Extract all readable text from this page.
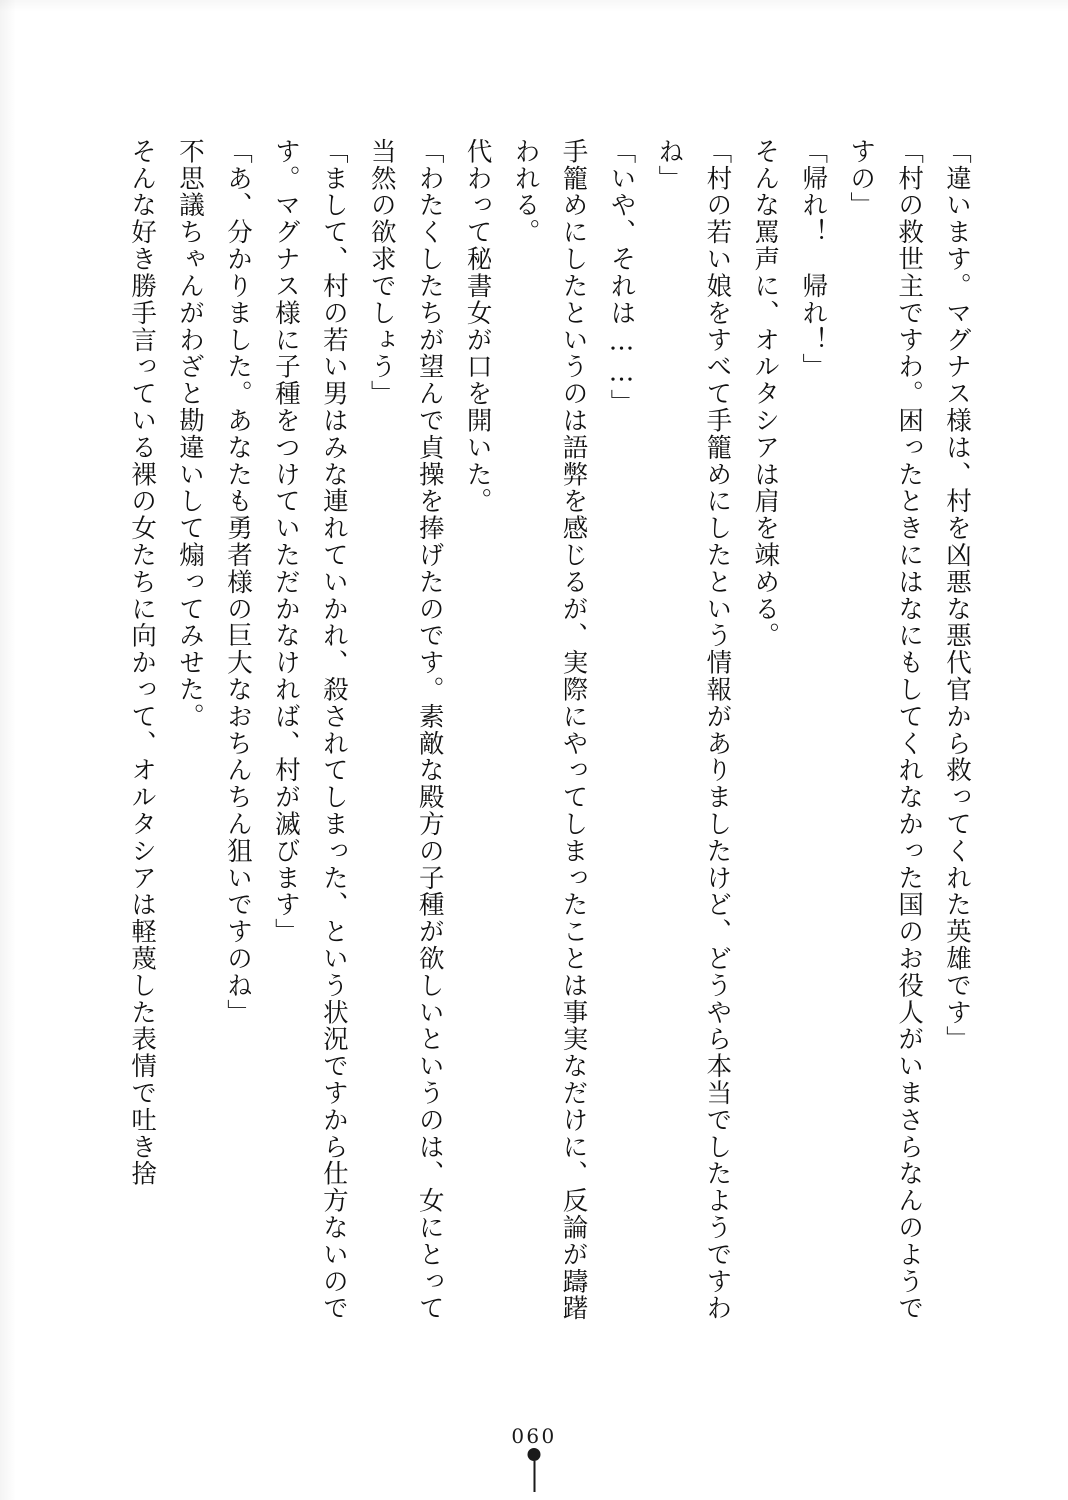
「違います。マグナス様は、村を凶悪な悪代官から救ってくれた英雄です」

「村の救世主ですわ。困ったときにはなにもしてくれなかった国のお役人がいまさらなんのようですの」

「帰れ！　帰れ！」

そんな罵声に、オルタシアは肩を竦める。

「村の若い娘をすべて手籠めにしたという情報がありましたけど、どうやら本当でしたようですわね」

「いや、それは……」

手籠めにしたというのは語弊を感じるが、実際にやってしまったことは事実なだけに、反論が躊躇われる。

代わって秘書女が口を開いた。

「わたくしたちが望んで貞操を捧げたのです。素敵な殿方の子種が欲しいというのは、女にとって当然の欲求でしょう」

「まして、村の若い男はみな連れていかれ、殺されてしまった、という状況ですから仕方ないのです。マグナス様に子種をつけていただかなければ、村が滅びます」

「あ、分かりました。あなたも勇者様の巨大なおちんちん狙いですのね」

不思議ちゃんがわざと勘違いして煽ってみせた。

そんな好き勝手言っている裸の女たちに向かって、オルタシアは軽蔑した表情で吐き捨

060
